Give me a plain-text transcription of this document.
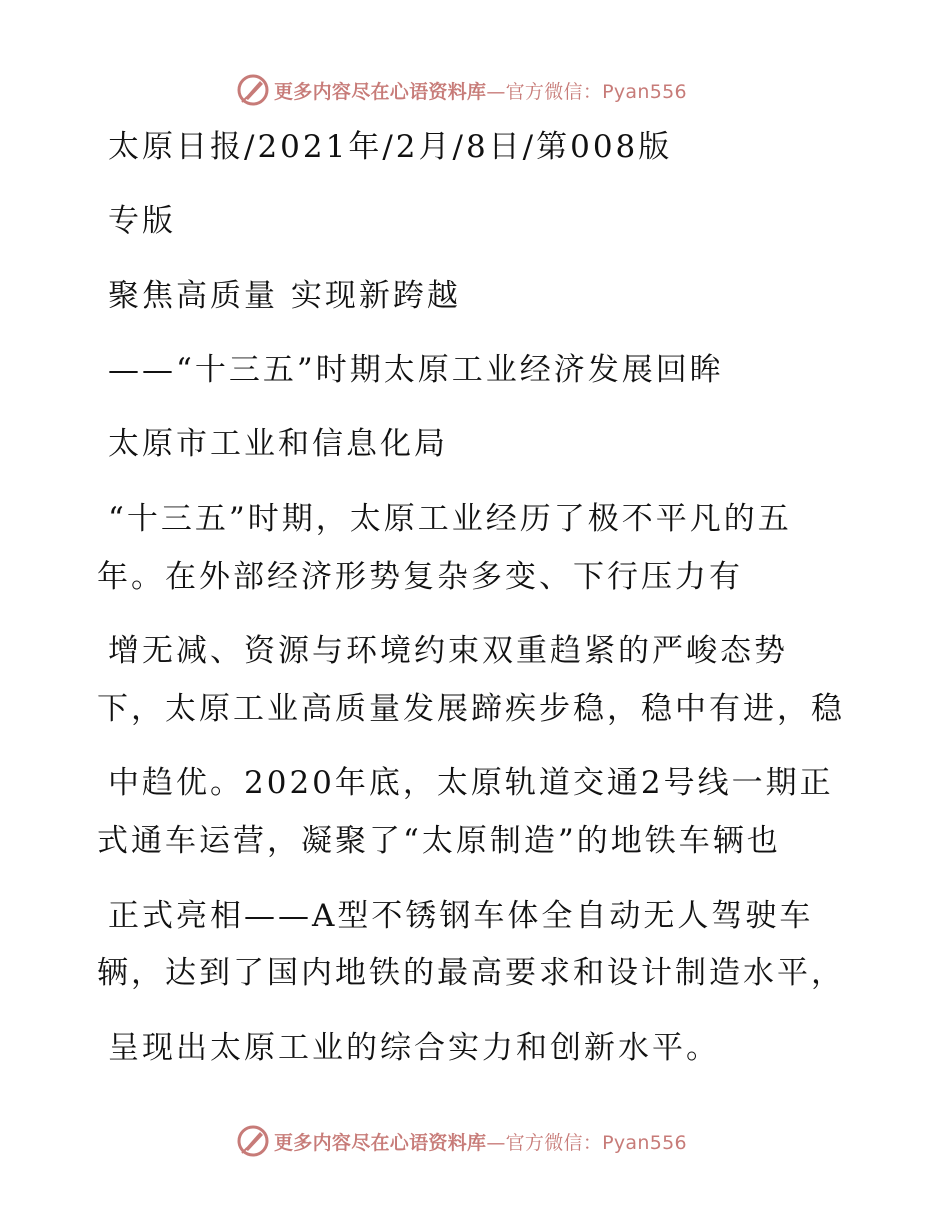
更多内容尽在心语资料库—官方微信：Pyan556
太原日报/2021年/2月/8日/第008版
专版
聚焦高质量 实现新跨越
——“十三五”时期太原工业经济发展回眸
太原市工业和信息化局
“十三五”时期，太原工业经历了极不平凡的五
年。在外部经济形势复杂多变、下行压力有
增无减、资源与环境约束双重趋紧的严峻态势
下，太原工业高质量发展蹄疾步稳，稳中有进，稳
中趋优。2020年底，太原轨道交通2号线一期正
式通车运营，凝聚了“太原制造”的地铁车辆也
正式亮相——A型不锈钢车体全自动无人驾驶车
辆，达到了国内地铁的最高要求和设计制造水平，
呈现出太原工业的综合实力和创新水平。
更多内容尽在心语资料库—官方微信：Pyan556
